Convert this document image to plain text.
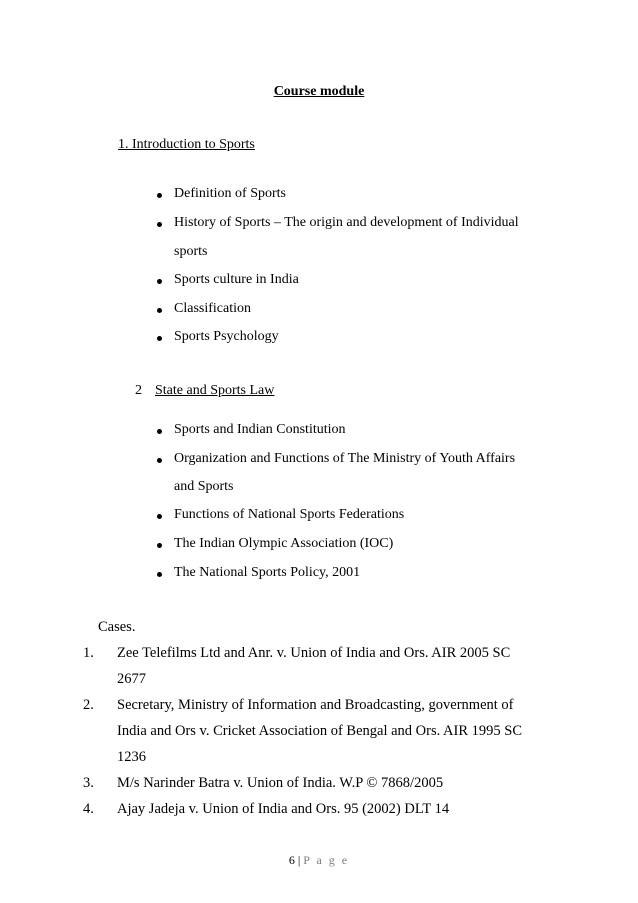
Course module
1. Introduction to Sports
Definition of Sports
History of Sports – The origin and development of Individual
sports
Sports culture in India
Classification
Sports Psychology
2 State and Sports Law
Sports and Indian Constitution
Organization and Functions of The Ministry of Youth Affairs
and Sports
Functions of National Sports Federations
The Indian Olympic Association (IOC)
The National Sports Policy, 2001
Cases.
1. Zee Telefilms Ltd and Anr. v. Union of India and Ors. AIR 2005 SC
2677
2. Secretary, Ministry of Information and Broadcasting, government of
India and Ors v. Cricket Association of Bengal and Ors. AIR 1995 SC
1236
3. M/s Narinder Batra v. Union of India. W.P © 7868/2005
4. Ajay Jadeja v. Union of India and Ors. 95 (2002) DLT 14
6 | P a g e
